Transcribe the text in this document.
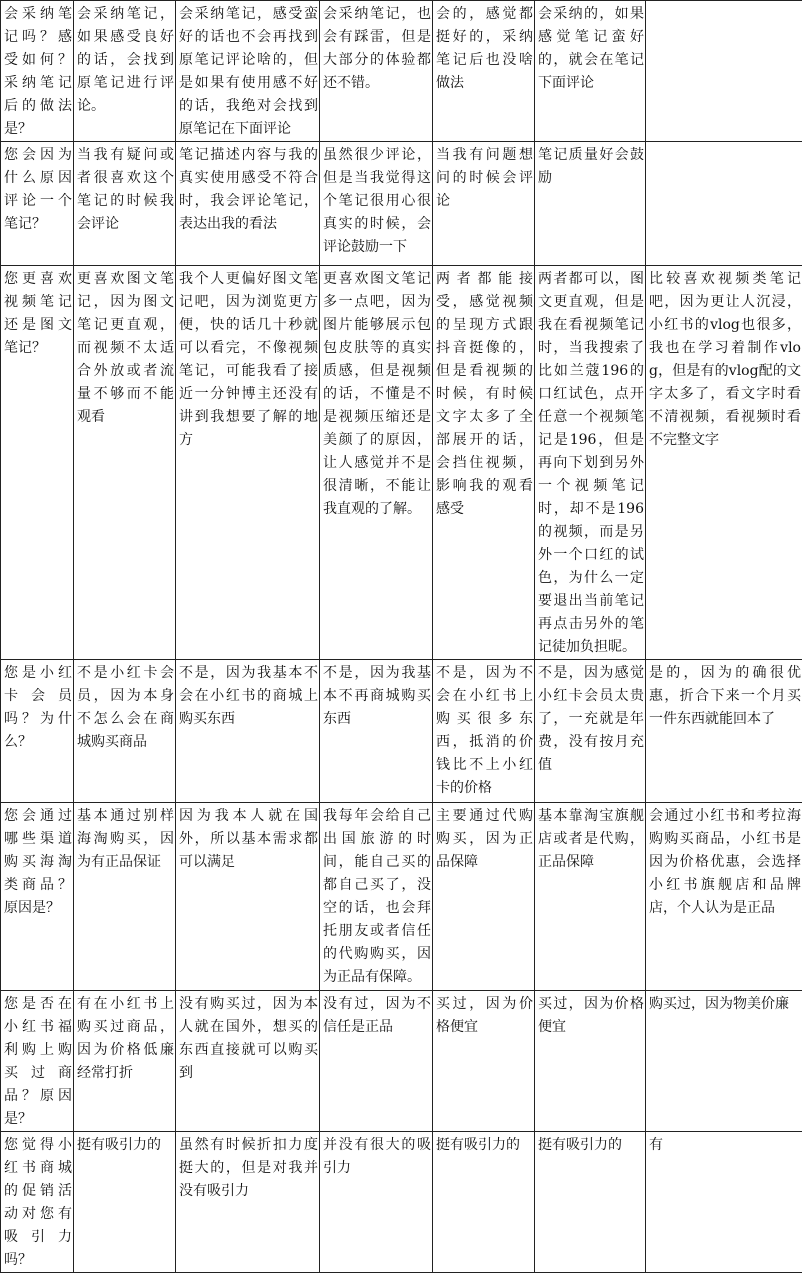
会采纳笔记吗？感受如何？采纳笔记后的做法是？	会采纳笔记，如果感受良好的话，会找到原笔记进行评论。	会采纳笔记，感受蛮好的话也不会再找到原笔记评论啥的，但是如果有使用感不好的话，我绝对会找到原笔记在下面评论	会采纳笔记，也会有踩雷，但是大部分的体验都还不错。	会的，感觉都挺好的，采纳笔记后也没啥做法	会采纳的，如果感觉笔记蛮好的，就会在笔记下面评论	
您会因为什么原因评论一个笔记？	当我有疑问或者很喜欢这个笔记的时候我会评论	笔记描述内容与我的真实使用感受不符合时，我会评论笔记，表达出我的看法	虽然很少评论，但是当我觉得这个笔记很用心很真实的时候，会评论鼓励一下	当我有问题想问的时候会评论	笔记质量好会鼓励	
您更喜欢视频笔记还是图文笔记？	更喜欢图文笔记，因为图文笔记更直观，而视频不太适合外放或者流量不够而不能观看	我个人更偏好图文笔记吧，因为浏览更方便，快的话几十秒就可以看完，不像视频笔记，可能我看了接近一分钟博主还没有讲到我想要了解的地方	更喜欢图文笔记多一点吧，因为图片能够展示包包皮肤等的真实质感，但是视频的话，不懂是不是视频压缩还是美颜了的原因，让人感觉并不是很清晰，不能让我直观的了解。	两者都能接受，感觉视频的呈现方式跟抖音挺像的，但是看视频的时候，有时候文字太多了全部展开的话，会挡住视频，影响我的观看感受	两者都可以，图文更直观，但是我在看视频笔记时，当我搜索了比如兰蔻196的口红试色，点开任意一个视频笔记是196，但是再向下划到另外一个视频笔记时，却不是196的视频，而是另外一个口红的试色，为什么一定要退出当前笔记再点击另外的笔记徒加负担昵。	比较喜欢视频类笔记吧，因为更让人沉浸，小红书的vlog也很多，我也在学习着制作vlog，但是有的vlog配的文字太多了，看文字时看不清视频，看视频时看不完整文字
您是小红卡会员吗？为什么？	不是小红卡会员，因为本身不怎么会在商城购买商品	不是，因为我基本不会在小红书的商城上购买东西	不是，因为我基本不再商城购买东西	不是，因为不会在小红书上购买很多东西，抵消的价钱比不上小红卡的价格	不是，因为感觉小红卡会员太贵了，一充就是年费，没有按月充值	是的，因为的确很优惠，折合下来一个月买一件东西就能回本了
您会通过哪些渠道购买海淘类商品？原因是？	基本通过别样海淘购买，因为有正品保证	因为我本人就在国外，所以基本需求都可以满足	我每年会给自己出国旅游的时间，能自己买的都自己买了，没空的话，也会拜托朋友或者信任的代购购买，因为正品有保障。	主要通过代购购买，因为正品保障	基本靠淘宝旗舰店或者是代购，正品保障	会通过小红书和考拉海购购买商品，小红书是因为价格优惠，会选择小红书旗舰店和品牌店，个人认为是正品
您是否在小红书福利购上购买过商品？原因是？	有在小红书上购买过商品，因为价格低廉经常打折	没有购买过，因为本人就在国外，想买的东西直接就可以购买到	没有过，因为不信任是正品	买过，因为价格便宜	买过，因为价格便宜	购买过，因为物美价廉
您觉得小红书商城的促销活动对您有吸引力吗？	挺有吸引力的	虽然有时候折扣力度挺大的，但是对我并没有吸引力	并没有很大的吸引力	挺有吸引力的	挺有吸引力的	有
